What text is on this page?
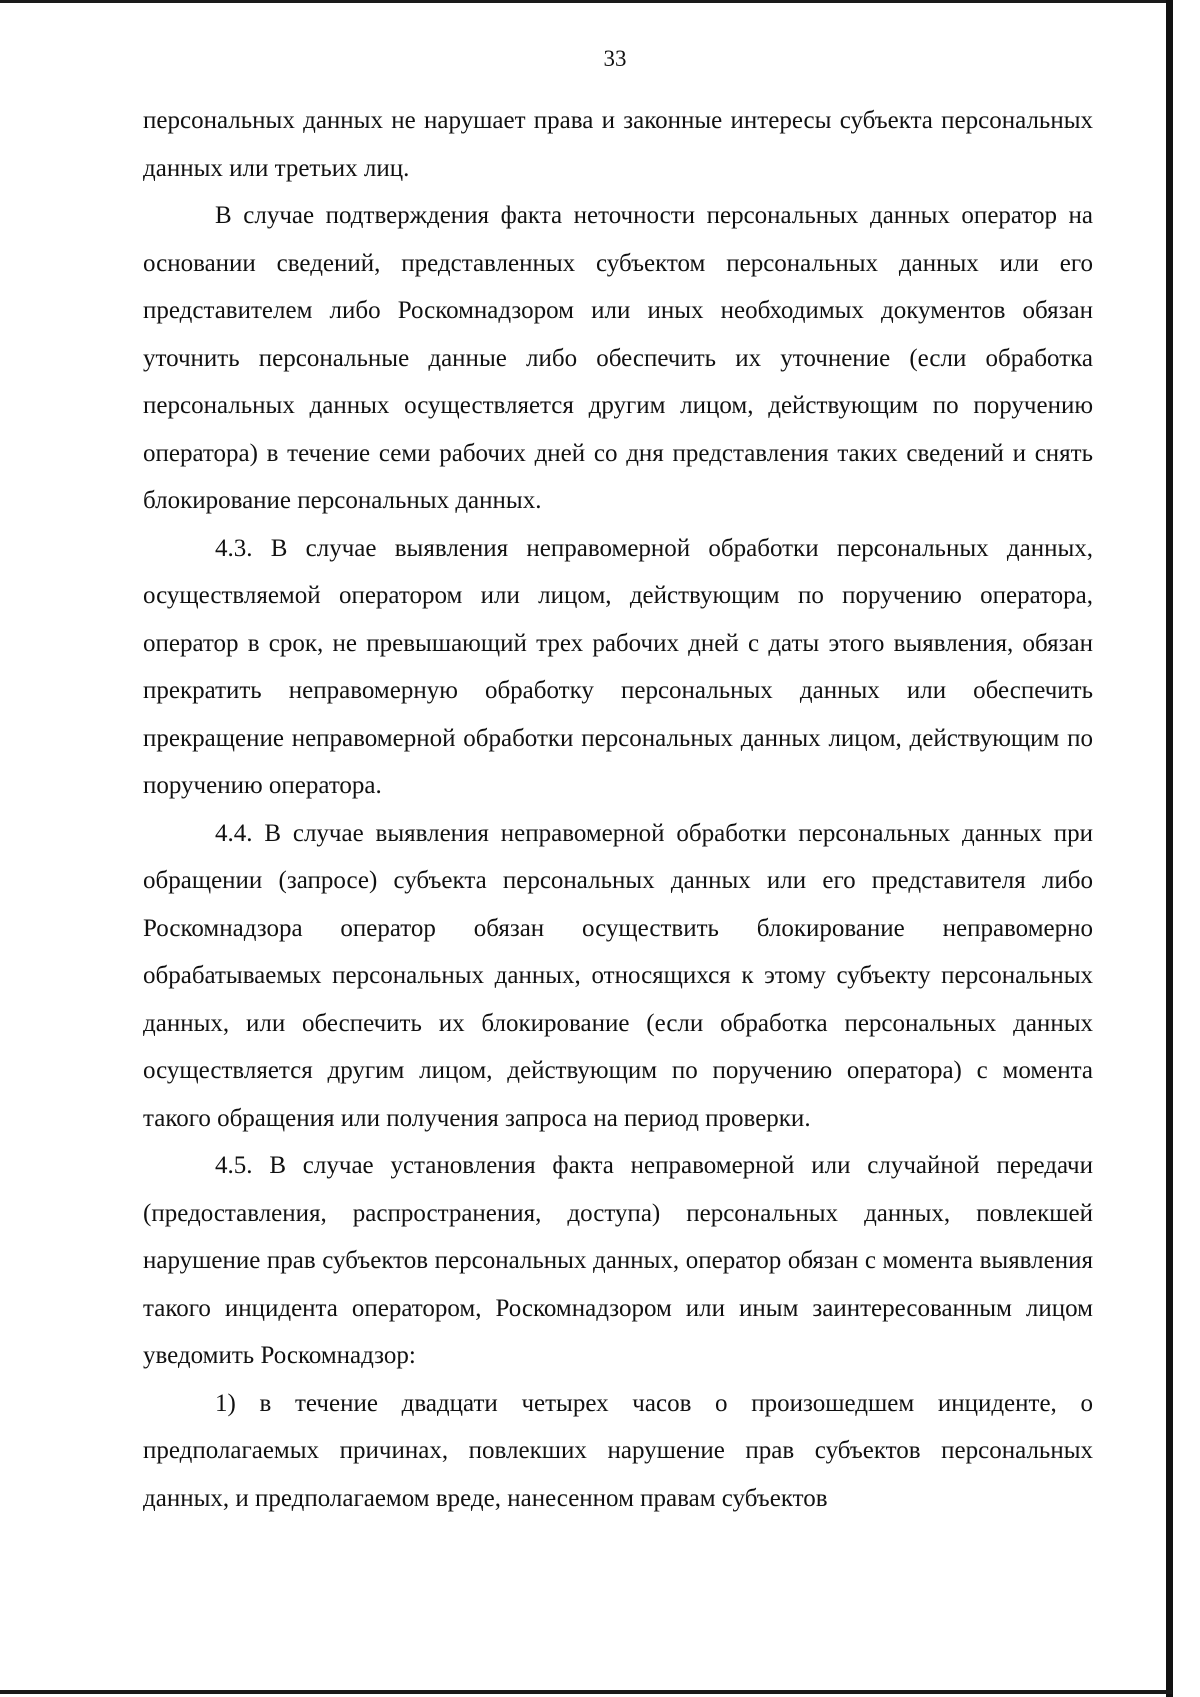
33

персональных данных не нарушает права и законные интересы субъекта персональных данных или третьих лиц.

В случае подтверждения факта неточности персональных данных оператор на основании сведений, представленных субъектом персональных данных или его представителем либо Роскомнадзором или иных необходимых документов обязан уточнить персональные данные либо обеспечить их уточнение (если обработка персональных данных осуществляется другим лицом, действующим по поручению оператора) в течение семи рабочих дней со дня представления таких сведений и снять блокирование персональных данных.

4.3. В случае выявления неправомерной обработки персональных данных, осуществляемой оператором или лицом, действующим по поручению оператора, оператор в срок, не превышающий трех рабочих дней с даты этого выявления, обязан прекратить неправомерную обработку персональных данных или обеспечить прекращение неправомерной обработки персональных данных лицом, действующим по поручению оператора.

4.4. В случае выявления неправомерной обработки персональных данных при обращении (запросе) субъекта персональных данных или его представителя либо Роскомнадзора оператор обязан осуществить блокирование неправомерно обрабатываемых персональных данных, относящихся к этому субъекту персональных данных, или обеспечить их блокирование (если обработка персональных данных осуществляется другим лицом, действующим по поручению оператора) с момента такого обращения или получения запроса на период проверки.

4.5. В случае установления факта неправомерной или случайной передачи (предоставления, распространения, доступа) персональных данных, повлекшей нарушение прав субъектов персональных данных, оператор обязан с момента выявления такого инцидента оператором, Роскомнадзором или иным заинтересованным лицом уведомить Роскомнадзор:

1) в течение двадцати четырех часов о произошедшем инциденте, о предполагаемых причинах, повлекших нарушение прав субъектов персональных данных, и предполагаемом вреде, нанесенном правам субъектов
